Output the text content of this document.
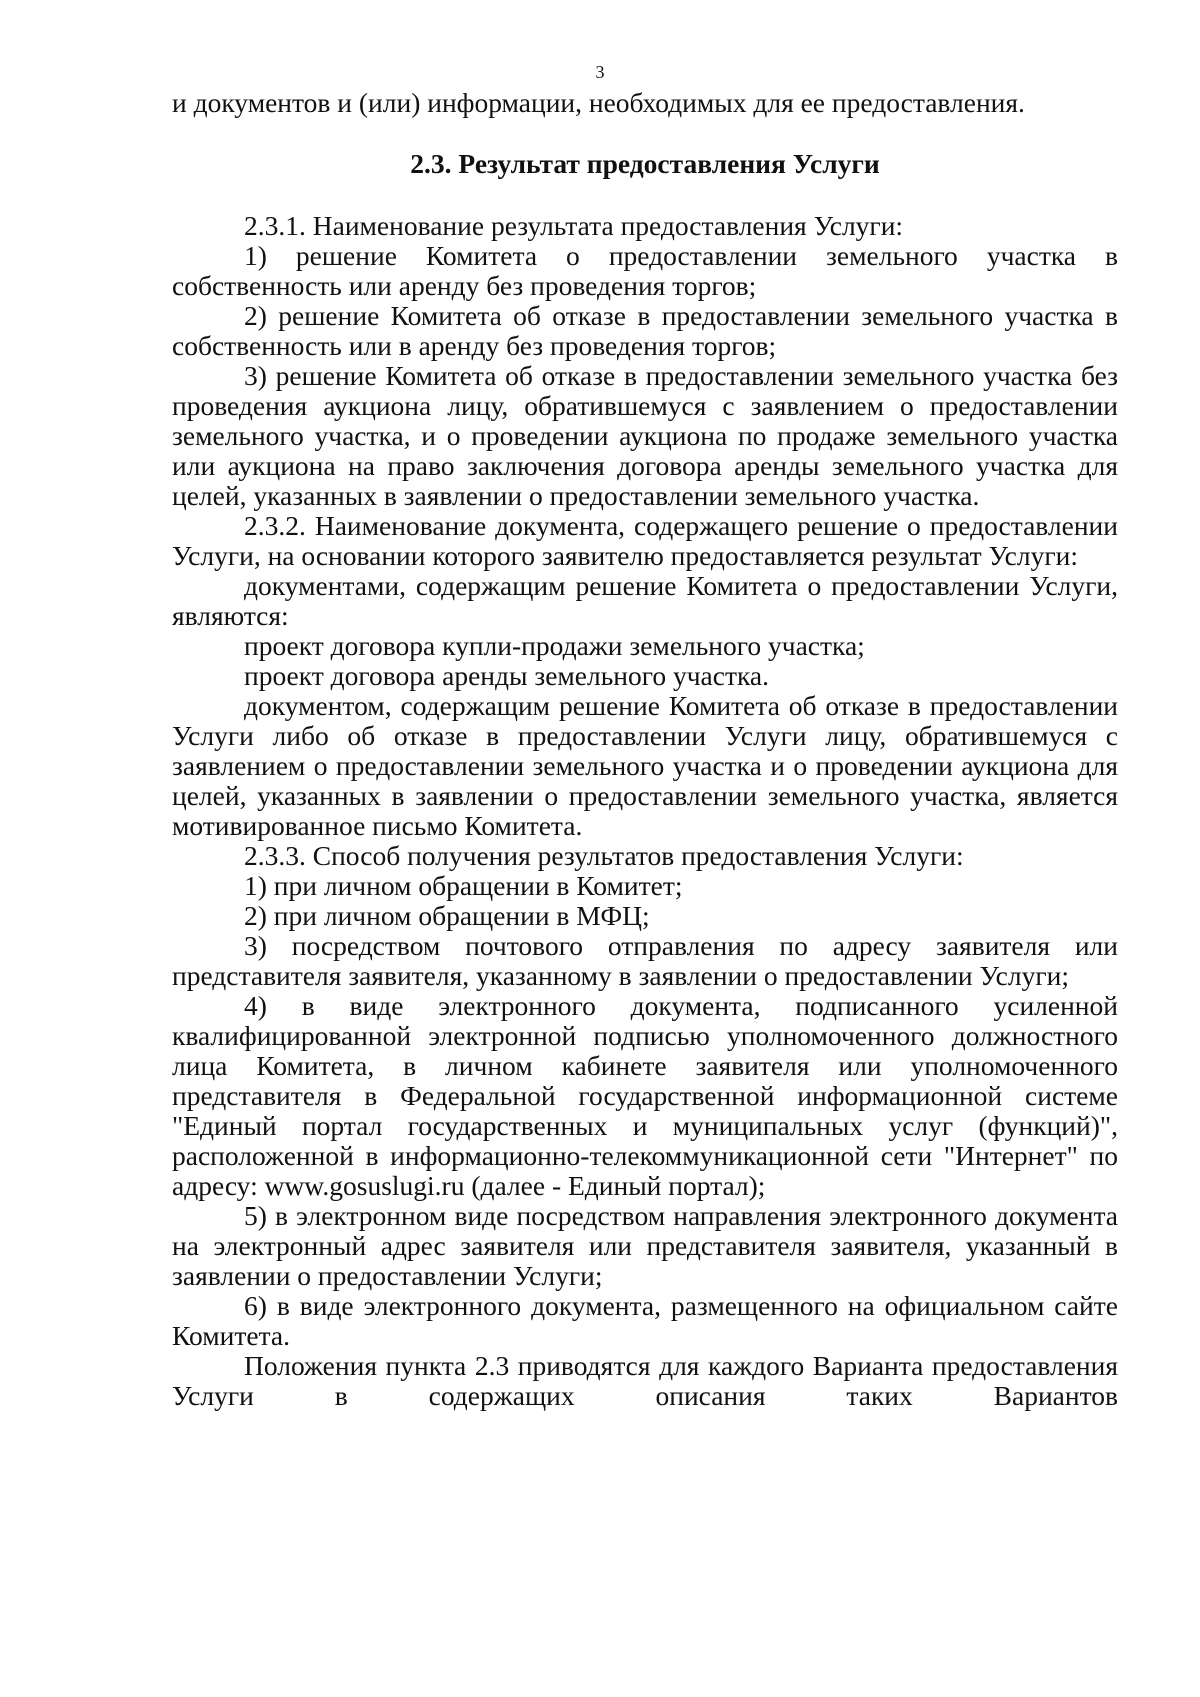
3

и документов и (или) информации, необходимых для ее предоставления.

2.3. Результат предоставления Услуги

2.3.1. Наименование результата предоставления Услуги:

1) решение Комитета о предоставлении земельного участка в собственность или аренду без проведения торгов;

2) решение Комитета об отказе в предоставлении земельного участка в собственность или в аренду без проведения торгов;

3) решение Комитета об отказе в предоставлении земельного участка без проведения аукциона лицу, обратившемуся с заявлением о предоставлении земельного участка, и о проведении аукциона по продаже земельного участка или аукциона на право заключения договора аренды земельного участка для целей, указанных в заявлении о предоставлении земельного участка.

2.3.2. Наименование документа, содержащего решение о предоставлении Услуги, на основании которого заявителю предоставляется результат Услуги:

документами, содержащим решение Комитета о предоставлении Услуги, являются:

проект договора купли-продажи земельного участка;

проект договора аренды земельного участка.

документом, содержащим решение Комитета об отказе в предоставлении Услуги либо об отказе в предоставлении Услуги лицу, обратившемуся с заявлением о предоставлении земельного участка и о проведении аукциона для целей, указанных в заявлении о предоставлении земельного участка, является мотивированное письмо Комитета.

2.3.3. Способ получения результатов предоставления Услуги:

1) при личном обращении в Комитет;

2) при личном обращении в МФЦ;

3) посредством почтового отправления по адресу заявителя или представителя заявителя, указанному в заявлении о предоставлении Услуги;

4) в виде электронного документа, подписанного усиленной квалифицированной электронной подписью уполномоченного должностного лица Комитета, в личном кабинете заявителя или уполномоченного представителя в Федеральной государственной информационной системе "Единый портал государственных и муниципальных услуг (функций)", расположенной в информационно-телекоммуникационной сети "Интернет" по адресу: www.gosuslugi.ru (далее - Единый портал);

5) в электронном виде посредством направления электронного документа на электронный адрес заявителя или представителя заявителя, указанный в заявлении о предоставлении Услуги;

6) в виде электронного документа, размещенного на официальном сайте Комитета.

Положения пункта 2.3 приводятся для каждого Варианта предоставления Услуги в содержащих описания таких Вариантов
